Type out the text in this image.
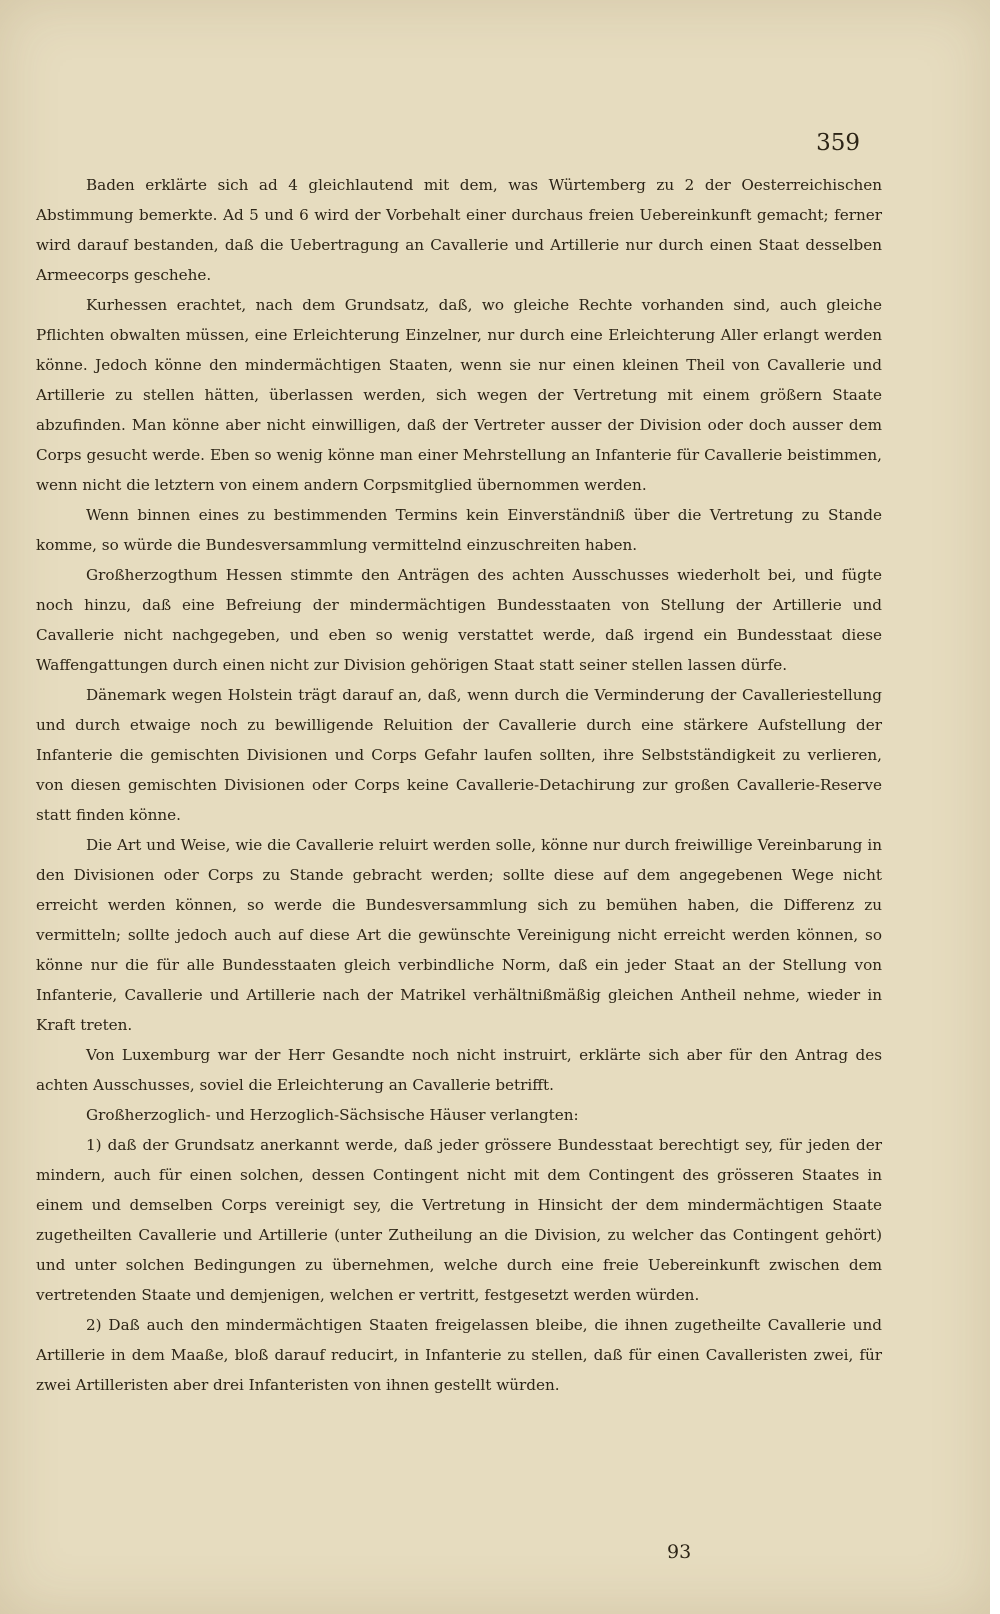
359

Baden erklärte sich ad 4 gleichlautend mit dem, was Würtemberg zu 2 der Oesterreichischen Abstimmung bemerkte. Ad 5 und 6 wird der Vorbehalt einer durchaus freien Uebereinkunft gemacht; ferner wird darauf bestanden, daß die Uebertragung an Cavallerie und Artillerie nur durch einen Staat desselben Armeecorps geschehe.

Kurhessen erachtet, nach dem Grundsatz, daß, wo gleiche Rechte vorhanden sind, auch gleiche Pflichten obwalten müssen, eine Erleichterung Einzelner, nur durch eine Erleichterung Aller erlangt werden könne. Jedoch könne den mindermächtigen Staaten, wenn sie nur einen kleinen Theil von Cavallerie und Artillerie zu stellen hätten, überlassen werden, sich wegen der Vertretung mit einem größern Staate abzufinden. Man könne aber nicht einwilligen, daß der Vertreter ausser der Division oder doch ausser dem Corps gesucht werde. Eben so wenig könne man einer Mehrstellung an Infanterie für Cavallerie beistimmen, wenn nicht die letztern von einem andern Corpsmitglied übernommen werden.

Wenn binnen eines zu bestimmenden Termins kein Einverständniß über die Vertretung zu Stande komme, so würde die Bundesversammlung vermittelnd einzuschreiten haben.

Großherzogthum Hessen stimmte den Anträgen des achten Ausschusses wiederholt bei, und fügte noch hinzu, daß eine Befreiung der mindermächtigen Bundesstaaten von Stellung der Artillerie und Cavallerie nicht nachgegeben, und eben so wenig verstattet werde, daß irgend ein Bundesstaat diese Waffengattungen durch einen nicht zur Division gehörigen Staat statt seiner stellen lassen dürfe.

Dänemark wegen Holstein trägt darauf an, daß, wenn durch die Verminderung der Cavalleriestellung und durch etwaige noch zu bewilligende Reluition der Cavallerie durch eine stärkere Aufstellung der Infanterie die gemischten Divisionen und Corps Gefahr laufen sollten, ihre Selbstständigkeit zu verlieren, von diesen gemischten Divisionen oder Corps keine Cavallerie-Detachirung zur großen Cavallerie-Reserve statt finden könne.

Die Art und Weise, wie die Cavallerie reluirt werden solle, könne nur durch freiwillige Vereinbarung in den Divisionen oder Corps zu Stande gebracht werden; sollte diese auf dem angegebenen Wege nicht erreicht werden können, so werde die Bundesversammlung sich zu bemühen haben, die Differenz zu vermitteln; sollte jedoch auch auf diese Art die gewünschte Vereinigung nicht erreicht werden können, so könne nur die für alle Bundesstaaten gleich verbindliche Norm, daß ein jeder Staat an der Stellung von Infanterie, Cavallerie und Artillerie nach der Matrikel verhältnißmäßig gleichen Antheil nehme, wieder in Kraft treten.

Von Luxemburg war der Herr Gesandte noch nicht instruirt, erklärte sich aber für den Antrag des achten Ausschusses, soviel die Erleichterung an Cavallerie betrifft.

Großherzoglich- und Herzoglich-Sächsische Häuser verlangten:

1) daß der Grundsatz anerkannt werde, daß jeder grössere Bundesstaat berechtigt sey, für jeden der mindern, auch für einen solchen, dessen Contingent nicht mit dem Contingent des grösseren Staates in einem und demselben Corps vereinigt sey, die Vertretung in Hinsicht der dem mindermächtigen Staate zugetheilten Cavallerie und Artillerie (unter Zutheilung an die Division, zu welcher das Contingent gehört) und unter solchen Bedingungen zu übernehmen, welche durch eine freie Uebereinkunft zwischen dem vertretenden Staate und demjenigen, welchen er vertritt, festgesetzt werden würden.

2) Daß auch den mindermächtigen Staaten freigelassen bleibe, die ihnen zugetheilte Cavallerie und Artillerie in dem Maaße, bloß darauf reducirt, in Infanterie zu stellen, daß für einen Cavalleristen zwei, für zwei Artilleristen aber drei Infanteristen von ihnen gestellt würden.

93
